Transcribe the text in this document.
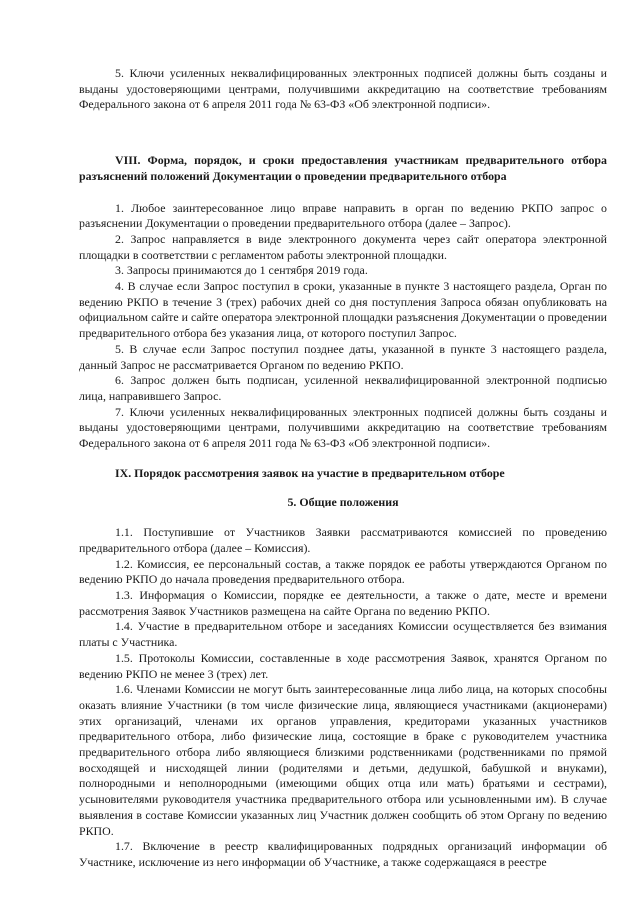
5. Ключи усиленных неквалифицированных электронных подписей должны быть созданы и выданы удостоверяющими центрами, получившими аккредитацию на соответствие требованиям Федерального закона от 6 апреля 2011 года № 63-ФЗ «Об электронной подписи».

VIII. Форма, порядок, и сроки предоставления участникам предварительного отбора разъяснений положений Документации о проведении предварительного отбора

1. Любое заинтересованное лицо вправе направить в орган по ведению РКПО запрос о разъяснении Документации о проведении предварительного отбора (далее – Запрос).

2. Запрос направляется в виде электронного документа через сайт оператора электронной площадки в соответствии с регламентом работы электронной площадки.

3. Запросы принимаются до 1 сентября 2019 года.

4. В случае если Запрос поступил в сроки, указанные в пункте 3 настоящего раздела, Орган по ведению РКПО в течение 3 (трех) рабочих дней со дня поступления Запроса обязан опубликовать на официальном сайте и сайте оператора электронной площадки разъяснения Документации о проведении предварительного отбора без указания лица, от которого поступил Запрос.

5. В случае если Запрос поступил позднее даты, указанной в пункте 3 настоящего раздела, данный Запрос не рассматривается Органом по ведению РКПО.

6. Запрос должен быть подписан, усиленной неквалифицированной электронной подписью лица, направившего Запрос.

7. Ключи усиленных неквалифицированных электронных подписей должны быть созданы и выданы удостоверяющими центрами, получившими аккредитацию на соответствие требованиям Федерального закона от 6 апреля 2011 года № 63-ФЗ «Об электронной подписи».

IX. Порядок рассмотрения заявок на участие в предварительном отборе

5. Общие положения

1.1. Поступившие от Участников Заявки рассматриваются комиссией по проведению предварительного отбора (далее – Комиссия).

1.2. Комиссия, ее персональный состав, а также порядок ее работы утверждаются Органом по ведению РКПО до начала проведения предварительного отбора.

1.3. Информация о Комиссии, порядке ее деятельности, а также о дате, месте и времени рассмотрения Заявок Участников размещена на сайте Органа по ведению РКПО.

1.4. Участие в предварительном отборе и заседаниях Комиссии осуществляется без взимания платы с Участника.

1.5. Протоколы Комиссии, составленные в ходе рассмотрения Заявок, хранятся Органом по ведению РКПО не менее 3 (трех) лет.

1.6. Членами Комиссии не могут быть заинтересованные лица либо лица, на которых способны оказать влияние Участники (в том числе физические лица, являющиеся участниками (акционерами) этих организаций, членами их органов управления, кредиторами указанных участников предварительного отбора, либо физические лица, состоящие в браке с руководителем участника предварительного отбора либо являющиеся близкими родственниками (родственниками по прямой восходящей и нисходящей линии (родителями и детьми, дедушкой, бабушкой и внуками), полнородными и неполнородными (имеющими общих отца или мать) братьями и сестрами), усыновителями руководителя участника предварительного отбора или усыновленными им). В случае выявления в составе Комиссии указанных лиц Участник должен сообщить об этом Органу по ведению РКПО.

1.7. Включение в реестр квалифицированных подрядных организаций информации об Участнике, исключение из него информации об Участнике, а также содержащаяся в реестре
